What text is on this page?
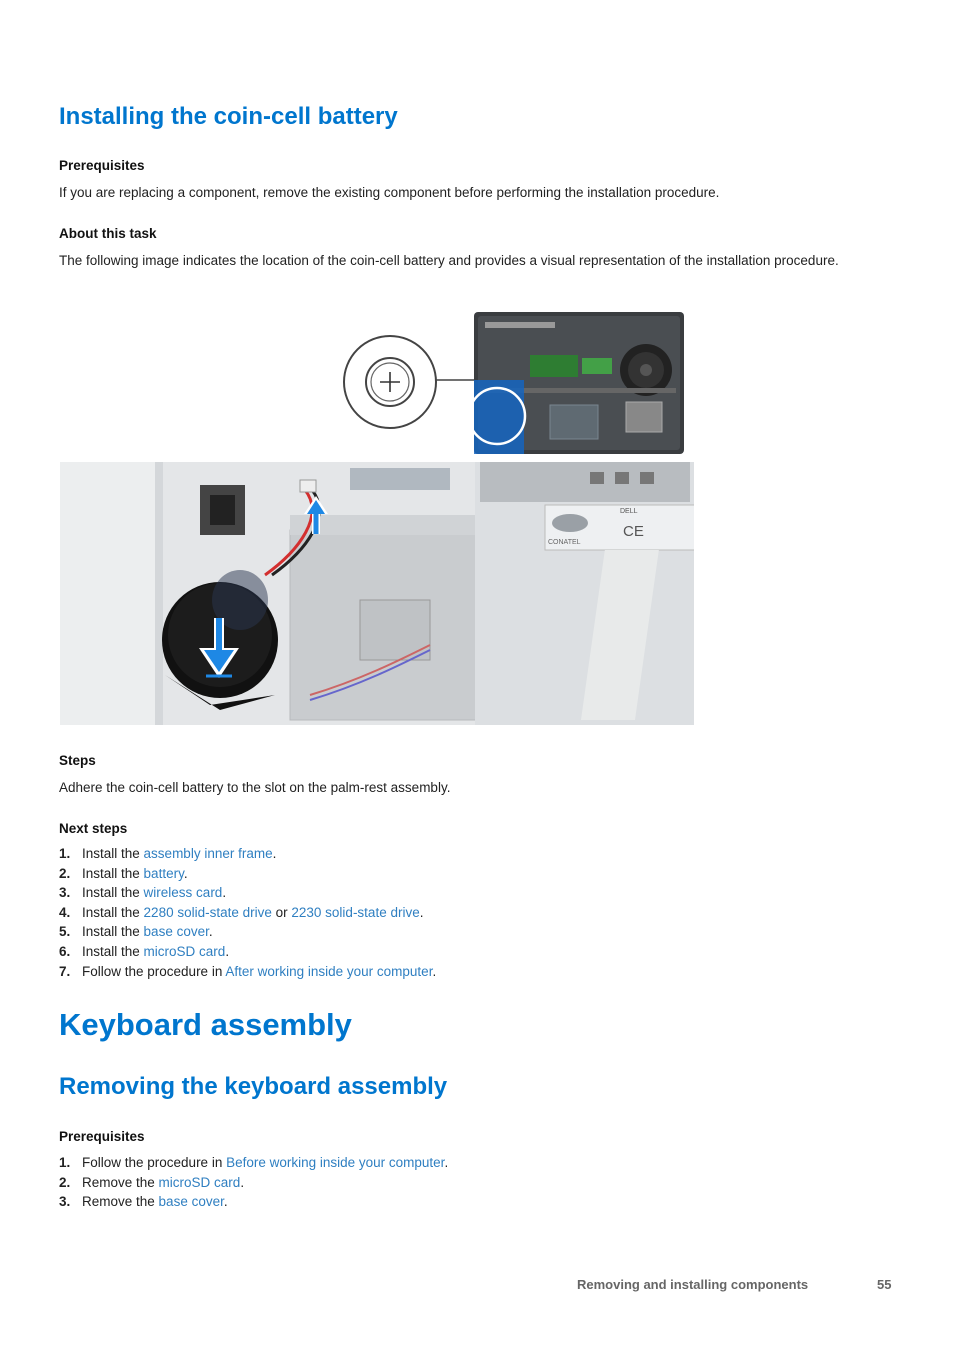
Installing the coin-cell battery

Prerequisites

If you are replacing a component, remove the existing component before performing the installation procedure.

About this task

The following image indicates the location of the coin-cell battery and provides a visual representation of the installation procedure.

CONATEL
DELL
CE

Steps

Adhere the coin-cell battery to the slot on the palm-rest assembly.

Next steps

1. Install the assembly inner frame.
2. Install the battery.
3. Install the wireless card.
4. Install the 2280 solid-state drive or 2230 solid-state drive.
5. Install the base cover.
6. Install the microSD card.
7. Follow the procedure in After working inside your computer.
Keyboard assembly
Removing the keyboard assembly

Prerequisites

1. Follow the procedure in Before working inside your computer.
2. Remove the microSD card.
3. Remove the base cover.
Removing and installing components	55
